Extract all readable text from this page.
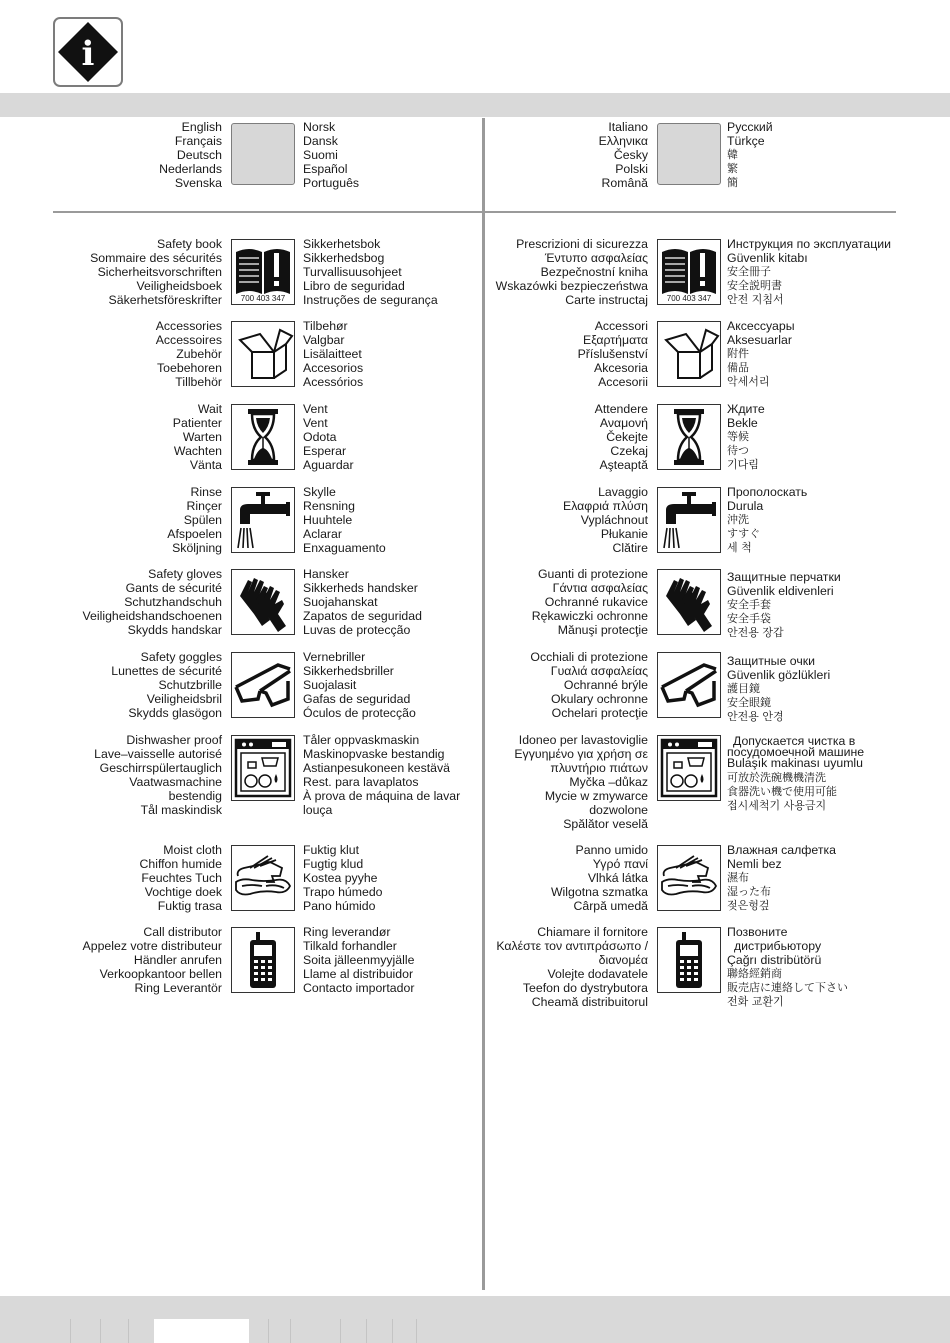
i
English
Français
Deutsch
Nederlands
Svenska
Norsk
Dansk
Suomi
Español
Português
Italiano
Ελληνικα
Česky
Polski
Română
Русский
Türkçe
韓
繁
簡
Safety book
Sommaire des sécurités
Sicherheitsvorschriften
Veiligheidsboek
Säkerhetsföreskrifter	700 403 347
Sikkerhetsbok
Sikkerhedsbog
Turvallisuusohjeet
Libro de seguridad
Instruções de segurança
Prescrizioni di sicurezza
Έντυπο ασφαλείας
Bezpečnostní kniha
Wskazówki bezpieczeństwa
Carte instructaj	700 403 347
Инструкция по эксплуатации
Güvenlik kitabı
安全冊子
安全説明書
안전 지침서
Accessories
Accessoires
Zubehör
Toebehoren
Tillbehör
Tilbehør
Valgbar
Lisälaitteet
Accesorios
Acessórios
Accessori
Εξαρτήματα
Příslušenství
Akcesoria
Accesorii
Аксессуары
Aksesuarlar
附件
備品
악세서리
Wait
Patienter
Warten
Wachten
Vänta
Vent
Vent
Odota
Esperar
Aguardar
Attendere
Αναμονή
Čekejte
Czekaj
Aşteaptă
Ждите
Bekle
等候
待つ
기다림
Rinse
Rinçer
Spülen
Afspoelen
Sköljning
Skylle
Rensning
Huuhtele
Aclarar
Enxaguamento
Lavaggio
Ελαφριά πλύση
Vypláchnout
Płukanie
Clătire
Прополоскать
Durula
沖洗
すすぐ
세 척
Safety gloves
Gants de sécurité
Schutzhandschuh
Veiligheidshandschoenen
Skydds handskar
Hansker
Sikkerheds handsker
Suojahanskat
Zapatos de seguridad
Luvas de protecção
Guanti di protezione
Γάντια ασφαλείας
Ochranné rukavice
Rękawiczki ochronne
Mănuşi protecţie
Защитные перчатки
Güvenlik eldivenleri
安全手套
安全手袋
안전용 장갑
Safety goggles
Lunettes de sécurité
Schutzbrille
Veiligheidsbril
Skydds glasögon
Vernebriller
Sikkerhedsbriller
Suojalasit
Gafas de seguridad
Óculos de protecção
Occhiali di protezione
Γυαλιά ασφαλείας
Ochranné brýle
Okulary ochronne
Ochelari protecţie
Защитные очки
Güvenlik gözlükleri
護目鏡
安全眼鏡
안전용 안경
Dishwasher proof
Lave–vaisselle autorisé
Geschirrspülertauglich
Vaatwasmachine
bestendig
Tål maskindisk
Tåler oppvaskmaskin
Maskinopvaske bestandig
Astianpesukoneen kestävä
Rest. para lavaplatos
À prova de máquina de lavar
louça
Idoneo per lavastoviglie
Εγγυημένο για χρήση σε
πλυντήριο πιάτων
Myčka –důkaz
Mycie w zmywarce
dozwolone
Spălător veselă
Допускается чистка в
посудомоечной машине
Bulaşık makinası uyumlu
可放於洗碗機機清洗
食器洗い機で使用可能
접시세척기 사용금지
Moist cloth
Chiffon humide
Feuchtes Tuch
Vochtige doek
Fuktig trasa
Fuktig klut
Fugtig klud
Kostea pyyhe
Trapo húmedo
Pano húmido
Panno umido
Υγρό πανί
Vlhká látka
Wilgotna szmatka
Cârpă umedă
Влажная салфетка
Nemli bez
濕布
湿った布
젖은헝겊
Call distributor
Appelez votre distributeur
Händler anrufen
Verkoopkantoor bellen
Ring Leverantör
Ring leverandør
Tilkald forhandler
Soita jälleenmyyjälle
Llame al distribuidor
Contacto importador
Chiamare il fornitore
Καλέστε τον αντιπράσωπο /
διανομέα
Volejte dodavatele
Teefon do dystrybutora
Cheamă distribuitorul
Позвоните
дистрибьютору
Çağrı distribütörü
聯絡經銷商
販売店に連絡して下さい
전화 교환기
